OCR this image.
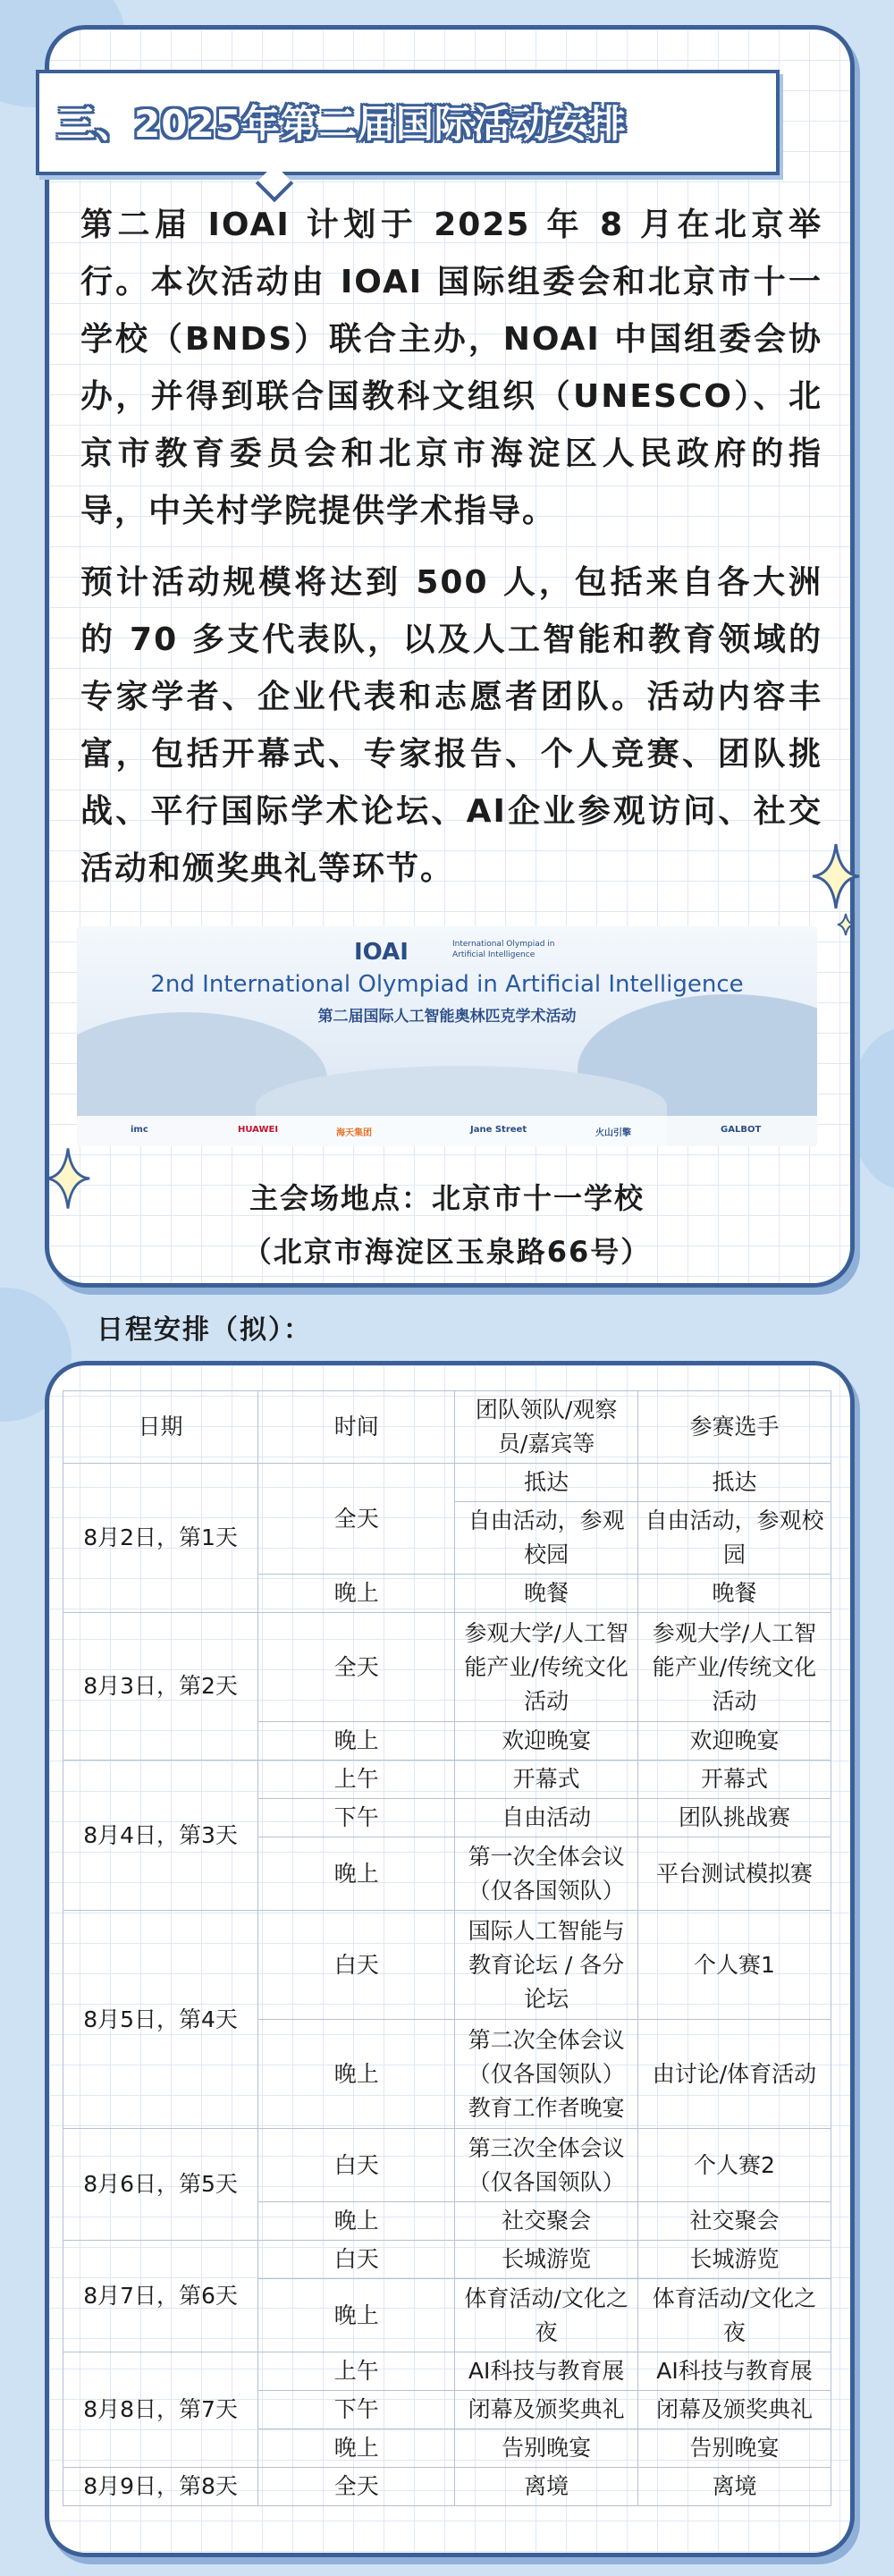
三、2025年第二届国际活动安排

第二届 IOAI 计划于 2025 年 8 月在北京举行。本次活动由 IOAI 国际组委会和北京市十一学校（BNDS）联合主办，NOAI 中国组委会协办，并得到联合国教科文组织（UNESCO）、北京市教育委员会和北京市海淀区人民政府的指导，中关村学院提供学术指导。

预计活动规模将达到 500 人，包括来自各大洲的 70 多支代表队，以及人工智能和教育领域的专家学者、企业代表和志愿者团队。活动内容丰富，包括开幕式、专家报告、个人竞赛、团队挑战、平行国际学术论坛、AI企业参观访问、社交活动和颁奖典礼等环节。

IOAI	International Olympiad in Artificial Intelligence
2nd International Olympiad in Artificial Intelligence
第二届国际人工智能奥林匹克学术活动
imc	HUAWEI	海天集团	Jane Street	火山引擎	GALBOT
主会场地点：北京市十一学校
（北京市海淀区玉泉路66号）
日程安排（拟）：
日期	时间	团队领队/观察员/嘉宾等	参赛选手
8月2日，第1天	全天	抵达	抵达
		自由活动，参观校园	自由活动，参观校园
	晚上	晚餐	晚餐
8月3日，第2天	全天	参观大学/人工智能产业/传统文化活动	参观大学/人工智能产业/传统文化活动
	晚上	欢迎晚宴	欢迎晚宴
8月4日，第3天	上午	开幕式	开幕式
	下午	自由活动	团队挑战赛
	晚上	第一次全体会议（仅各国领队）	平台测试模拟赛
8月5日，第4天	白天	国际人工智能与教育论坛 / 各分论坛	个人赛1
	晚上	第二次全体会议（仅各国领队）教育工作者晚宴	由讨论/体育活动
8月6日，第5天	白天	第三次全体会议（仅各国领队）	个人赛2
	晚上	社交聚会	社交聚会
8月7日，第6天	白天	长城游览	长城游览
	晚上	体育活动/文化之夜	体育活动/文化之夜
8月8日，第7天	上午	AI科技与教育展	AI科技与教育展
	下午	闭幕及颁奖典礼	闭幕及颁奖典礼
	晚上	告别晚宴	告别晚宴
8月9日，第8天	全天	离境	离境
